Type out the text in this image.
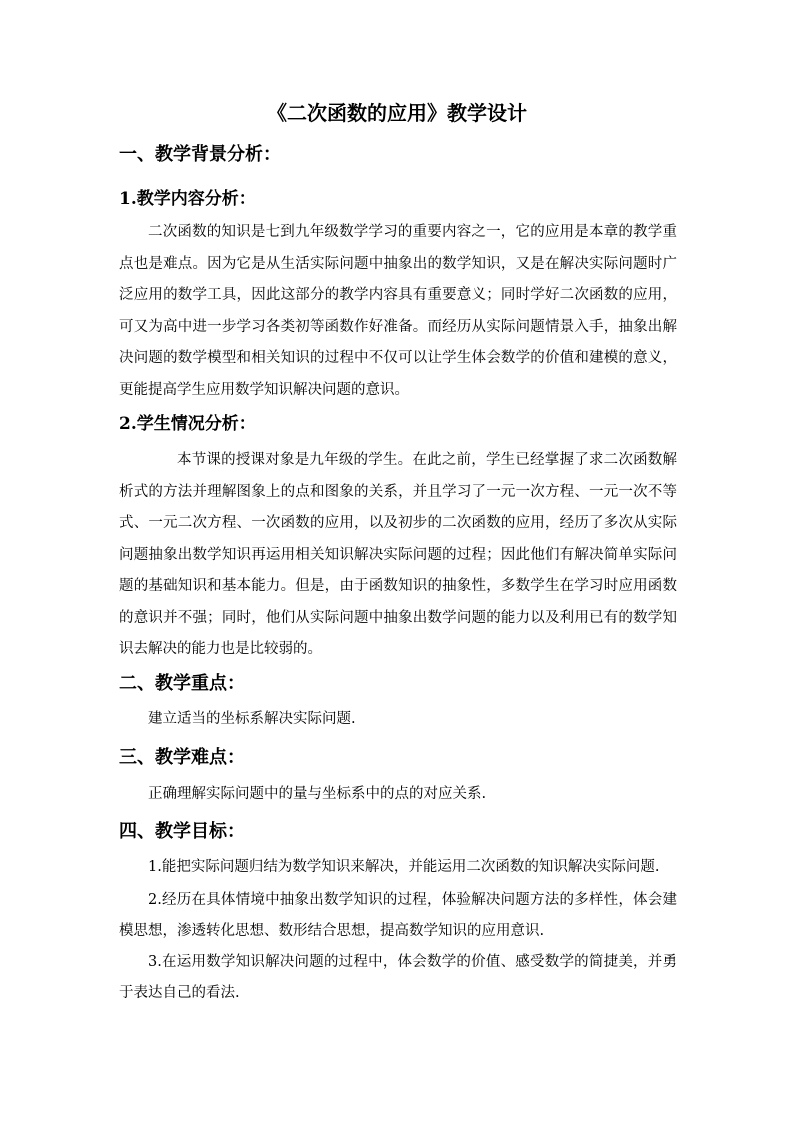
《二次函数的应用》教学设计
一、教学背景分析：
1.教学内容分析：

二次函数的知识是七到九年级数学学习的重要内容之一，它的应用是本章的教学重点也是难点。因为它是从生活实际问题中抽象出的数学知识，又是在解决实际问题时广泛应用的数学工具，因此这部分的教学内容具有重要意义；同时学好二次函数的应用，可又为高中进一步学习各类初等函数作好准备。而经历从实际问题情景入手，抽象出解决问题的数学模型和相关知识的过程中不仅可以让学生体会数学的价值和建模的意义，更能提高学生应用数学知识解决问题的意识。

2.学生情况分析：

本节课的授课对象是九年级的学生。在此之前，学生已经掌握了求二次函数解析式的方法并理解图象上的点和图象的关系，并且学习了一元一次方程、一元一次不等式、一元二次方程、一次函数的应用，以及初步的二次函数的应用，经历了多次从实际问题抽象出数学知识再运用相关知识解决实际问题的过程；因此他们有解决简单实际问题的基础知识和基本能力。但是，由于函数知识的抽象性，多数学生在学习时应用函数的意识并不强；同时，他们从实际问题中抽象出数学问题的能力以及利用已有的数学知识去解决的能力也是比较弱的。

二、教学重点：

建立适当的坐标系解决实际问题.

三、教学难点：

正确理解实际问题中的量与坐标系中的点的对应关系.

四、教学目标：

1.能把实际问题归结为数学知识来解决，并能运用二次函数的知识解决实际问题.

2.经历在具体情境中抽象出数学知识的过程，体验解决问题方法的多样性，体会建模思想，渗透转化思想、数形结合思想，提高数学知识的应用意识.

3.在运用数学知识解决问题的过程中，体会数学的价值、感受数学的简捷美，并勇于表达自己的看法.
